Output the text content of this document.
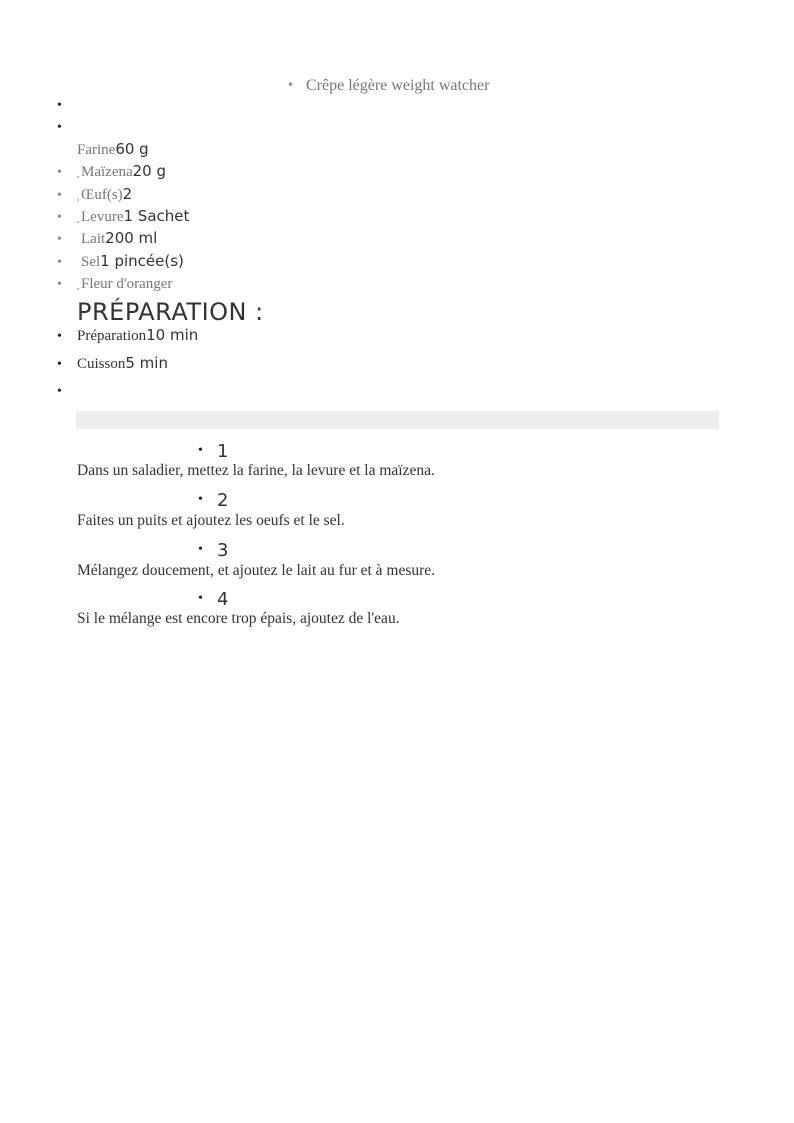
• Crêpe légère weight watcher
•
•
Farine60 g
• Maïzena20 g
• Œuf(s)2
• Levure1 Sachet
• Lait200 ml
• Sel1 pincée(s)
• Fleur d'oranger
PRÉPARATION :
• Préparation10 min
• Cuisson5 min
•
• 1
Dans un saladier, mettez la farine, la levure et la maïzena.
• 2
Faites un puits et ajoutez les oeufs et le sel.
• 3
Mélangez doucement, et ajoutez le lait au fur et à mesure.
• 4
Si le mélange est encore trop épais, ajoutez de l'eau.
